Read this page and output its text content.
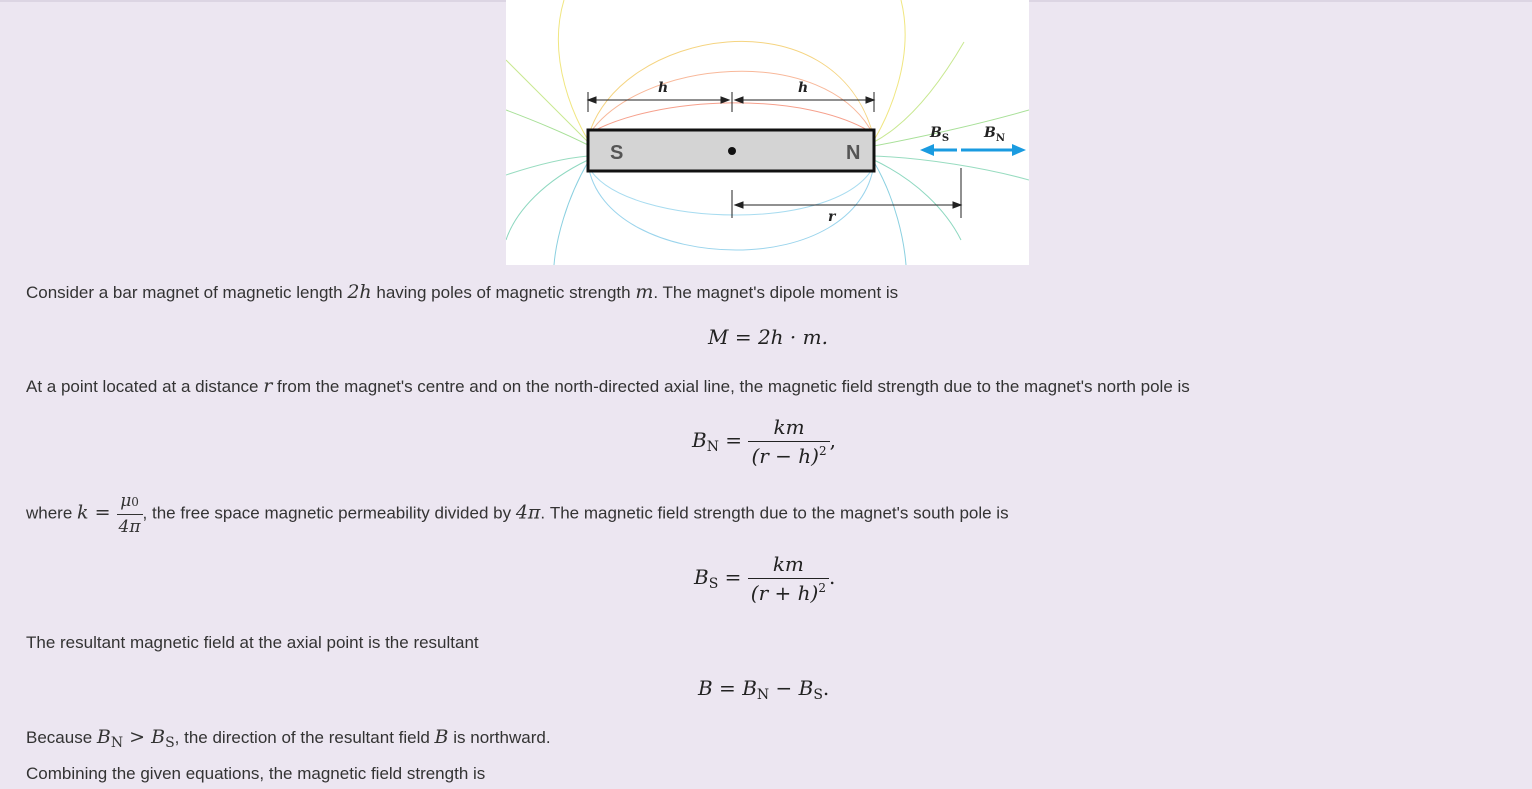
h	h
S	N
r
$B_S$ $B_N$
Consider a bar magnet of magnetic length 2h having poles of magnetic strength m. The magnet's dipole moment is
M = 2h · m.
At a point located at a distance r from the magnet's centre and on the north-directed axial line, the magnetic field strength due to the magnet's north pole is
$B_N = \frac{km}{(r - h)^2}$ ,
where $k = \frac{\mu 0}{4\pi}$ , the free space magnetic permeability divided by 4π. The magnetic field strength due to the magnet's south pole is
$B_S = \frac{km}{(r + h)^2}$ .
The resultant magnetic field at the axial point is the resultant
$B = B_N - B_S$.
Because $B_N > B_S$, the direction of the resultant field B is northward.
Combining the given equations, the magnetic field strength is
